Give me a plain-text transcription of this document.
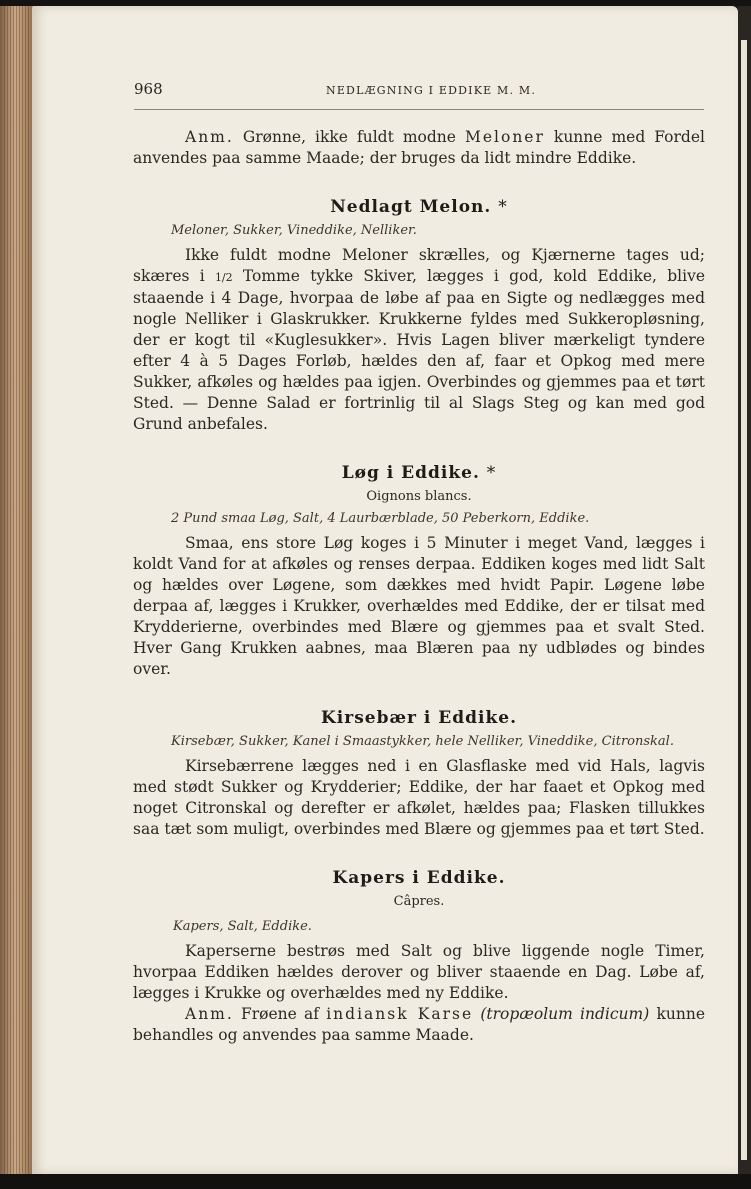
968	NEDLÆGNING I EDDIKE M. M.

Anm. Grønne, ikke fuldt modne Meloner kunne med Fordel anvendes paa samme Maade; der bruges da lidt mindre Eddike.

Nedlagt Melon. *

Meloner, Sukker, Vineddike, Nelliker.

Ikke fuldt modne Meloner skrælles, og Kjærnerne tages ud; skæres i 1/2 Tomme tykke Skiver, lægges i god, kold Eddike, blive staaende i 4 Dage, hvorpaa de løbe af paa en Sigte og nedlægges med nogle Nelliker i Glaskrukker. Krukkerne fyldes med Sukkeropløsning, der er kogt til «Kuglesukker». Hvis Lagen bliver mærkeligt tyndere efter 4 à 5 Dages Forløb, hældes den af, faar et Opkog med mere Sukker, afkøles og hældes paa igjen. Overbindes og gjemmes paa et tørt Sted. — Denne Salad er fortrinlig til al Slags Steg og kan med god Grund anbefales.

Løg i Eddike. *
Oignons blancs.

2 Pund smaa Løg, Salt, 4 Laurbærblade, 50 Peberkorn, Eddike.

Smaa, ens store Løg koges i 5 Minuter i meget Vand, lægges i koldt Vand for at afkøles og renses derpaa. Eddiken koges med lidt Salt og hældes over Løgene, som dækkes med hvidt Papir. Løgene løbe derpaa af, lægges i Krukker, overhældes med Eddike, der er tilsat med Krydderierne, overbindes med Blære og gjemmes paa et svalt Sted. Hver Gang Krukken aabnes, maa Blæren paa ny udblødes og bindes over.

Kirsebær i Eddike.

Kirsebær, Sukker, Kanel i Smaastykker, hele Nelliker, Vineddike, Citronskal.

Kirsebærrene lægges ned i en Glasflaske med vid Hals, lagvis med stødt Sukker og Krydderier; Eddike, der har faaet et Opkog med noget Citronskal og derefter er afkølet, hældes paa; Flasken tillukkes saa tæt som muligt, overbindes med Blære og gjemmes paa et tørt Sted.

Kapers i Eddike.
Câpres.

Kapers, Salt, Eddike.

Kaperserne bestrøs med Salt og blive liggende nogle Timer, hvorpaa Eddiken hældes derover og bliver staaende en Dag. Løbe af, lægges i Krukke og overhældes med ny Eddike.

Anm. Frøene af indiansk Karse (tropæolum indicum) kunne behandles og anvendes paa samme Maade.
